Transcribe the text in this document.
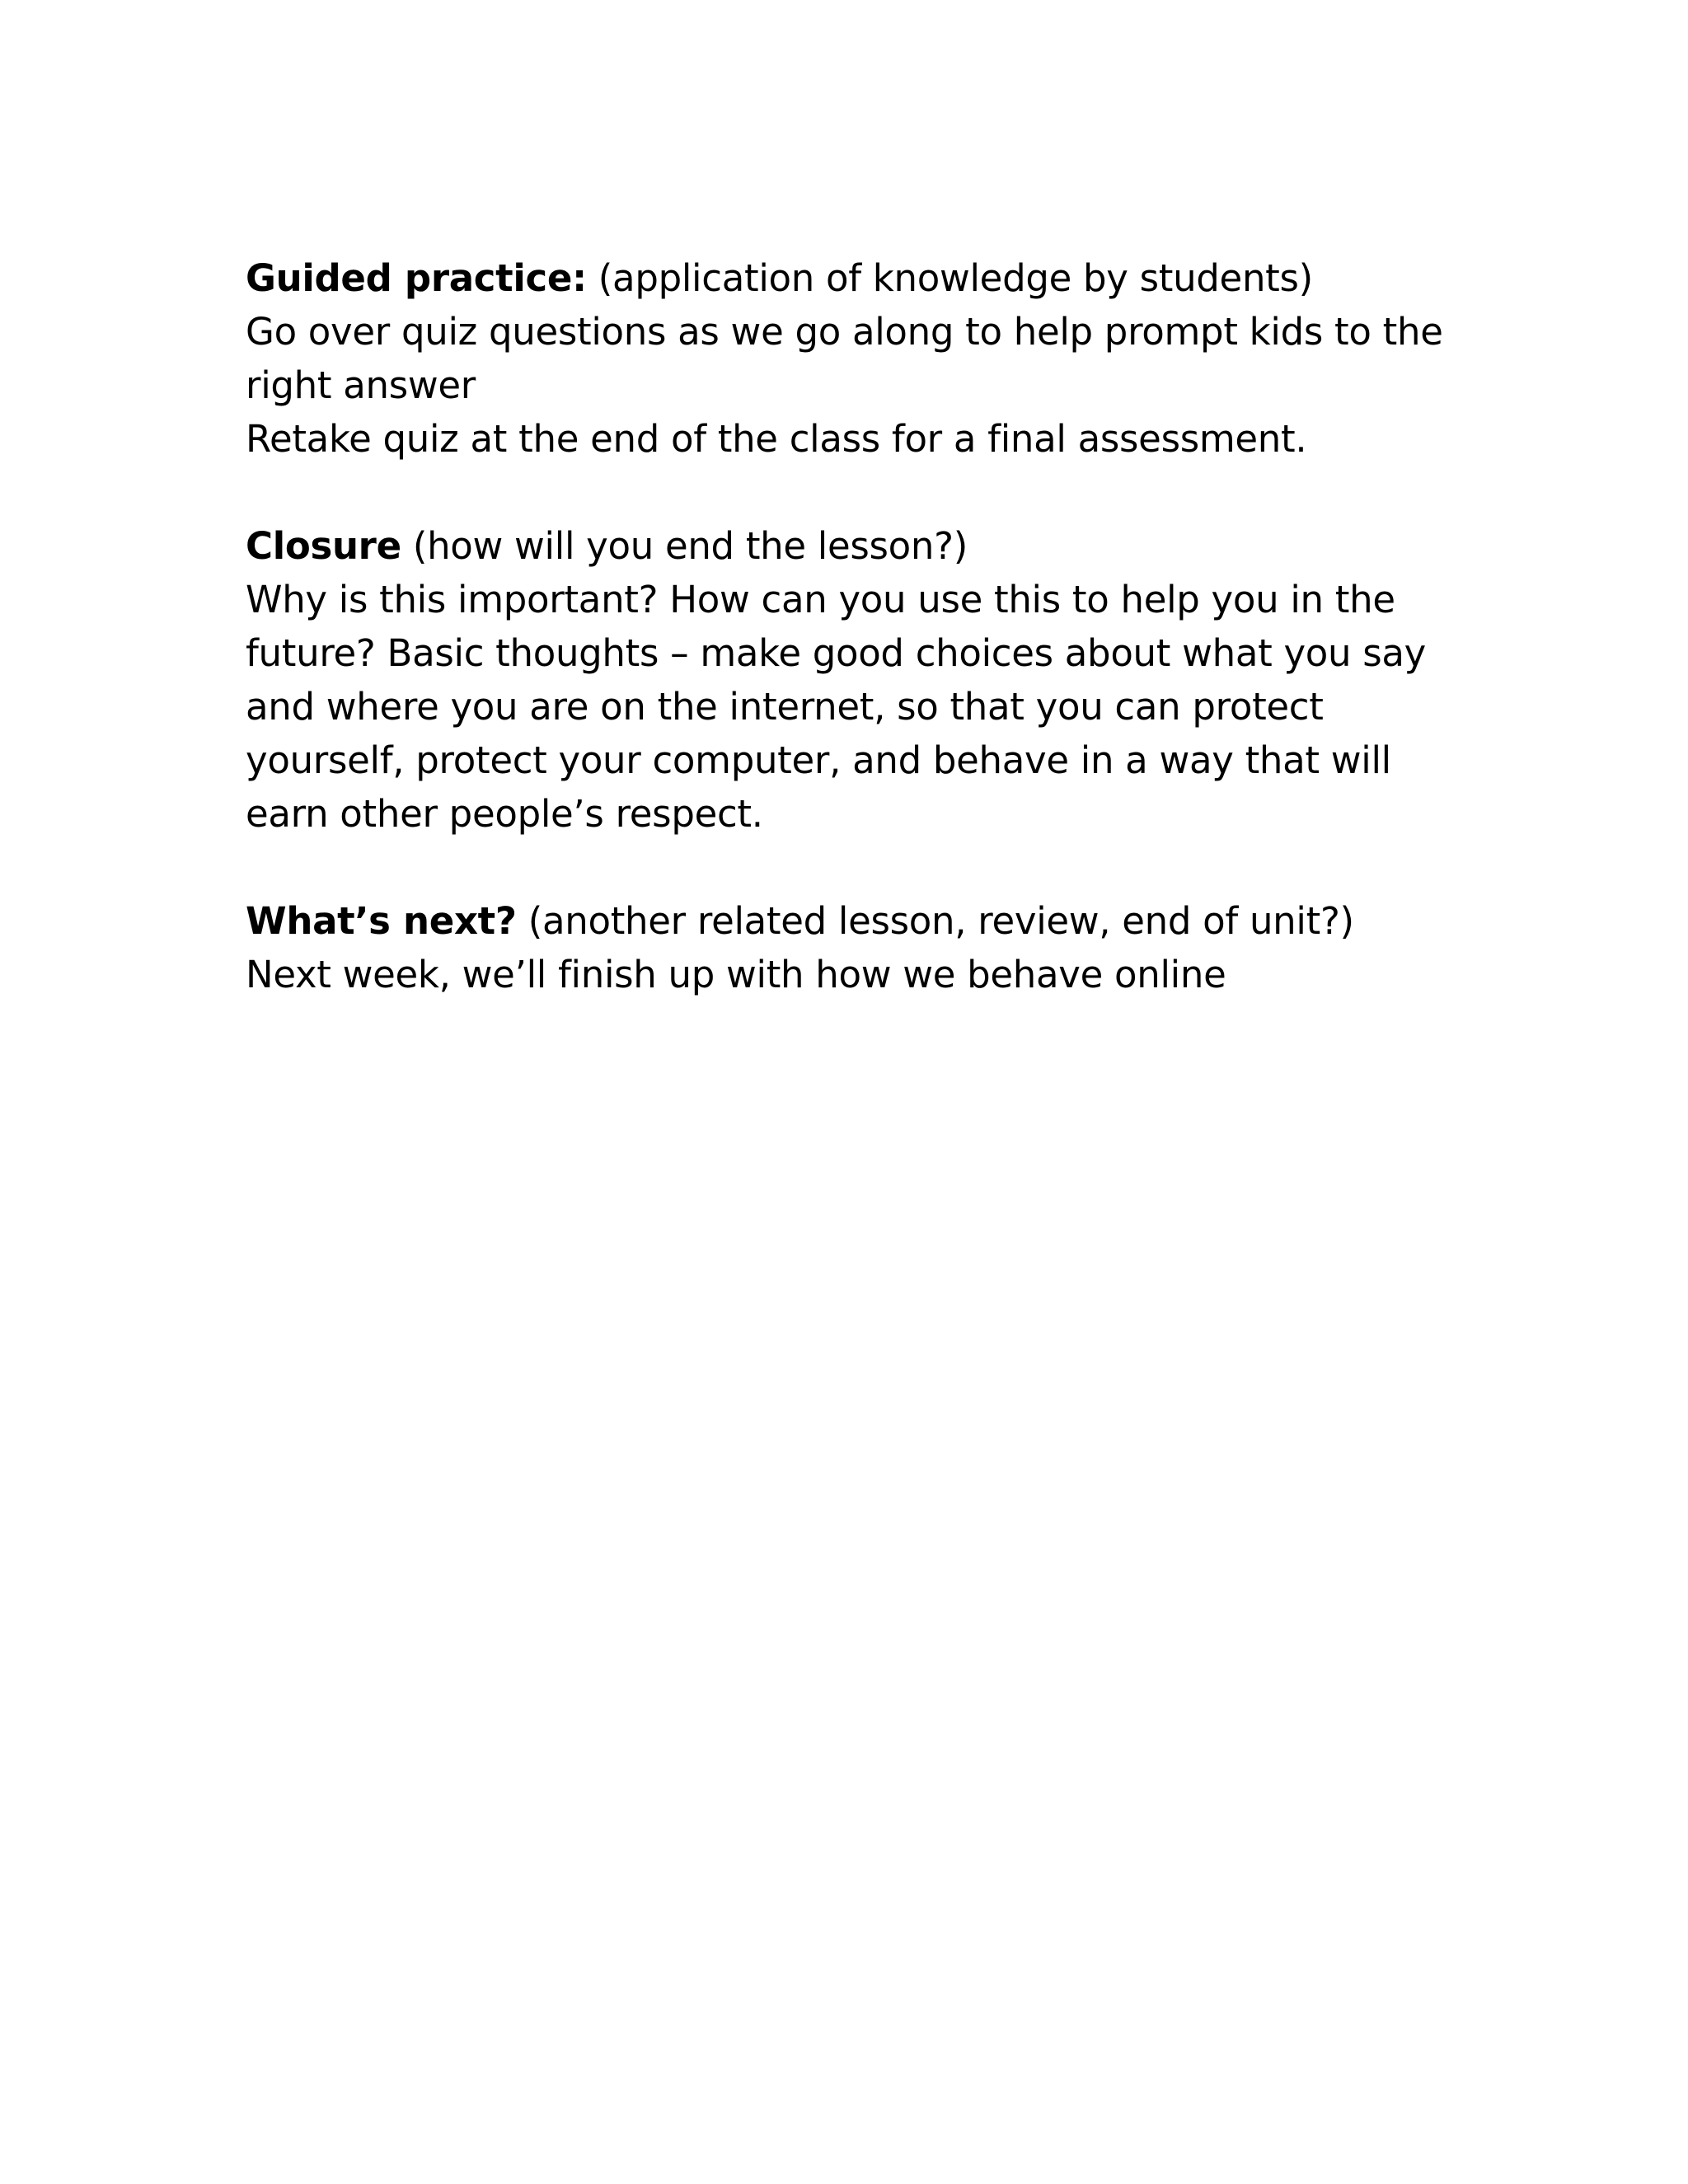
Guided practice: (application of knowledge by students)
Go over quiz questions as we go along to help prompt kids to the
right answer
Retake quiz at the end of the class for a final assessment.
Closure (how will you end the lesson?)
Why is this important? How can you use this to help you in the
future? Basic thoughts – make good choices about what you say
and where you are on the internet, so that you can protect
yourself, protect your computer, and behave in a way that will
earn other people’s respect.
What’s next? (another related lesson, review, end of unit?)
Next week, we’ll finish up with how we behave online
